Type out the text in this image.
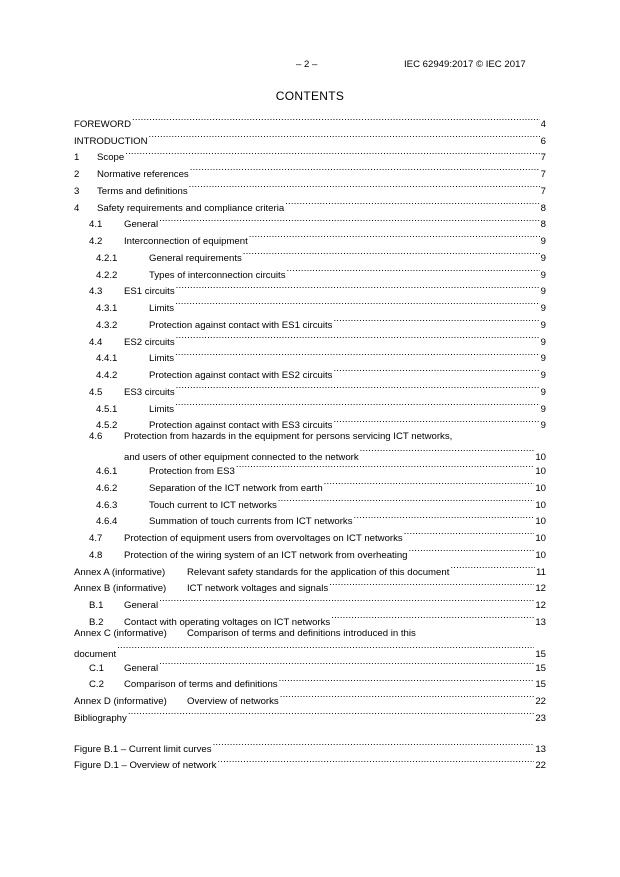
– 2 –	IEC 62949:2017 © IEC 2017
CONTENTS
FOREWORD .....	4
INTRODUCTION .....	6
1	Scope .....	7
2	Normative references .....	7
3	Terms and definitions .....	7
4	Safety requirements and compliance criteria .....	8
4.1	General .....	8
4.2	Interconnection of equipment .....	9
4.2.1	General requirements .....	9
4.2.2	Types of interconnection circuits .....	9
4.3	ES1 circuits .....	9
4.3.1	Limits .....	9
4.3.2	Protection against contact with ES1 circuits .....	9
4.4	ES2 circuits .....	9
4.4.1	Limits .....	9
4.4.2	Protection against contact with ES2 circuits .....	9
4.5	ES3 circuits .....	9
4.5.1	Limits .....	9
4.5.2	Protection against contact with ES3 circuits .....	9
4.6	Protection from hazards in the equipment for persons servicing ICT networks,
and users of other equipment connected to the network .....	10
4.6.1	Protection from ES3 .....	10
4.6.2	Separation of the ICT network from earth .....	10
4.6.3	Touch current to ICT networks .....	10
4.6.4	Summation of touch currents from ICT networks .....	10
4.7	Protection of equipment users from overvoltages on ICT networks .....	10
4.8	Protection of the wiring system of an ICT network from overheating .....	10
Annex A (informative)	Relevant safety standards for the application of this document .....	11
Annex B (informative)	ICT network voltages and signals .....	12
B.1	General .....	12
B.2	Contact with operating voltages on ICT networks .....	13
Annex C (informative)	Comparison of terms and definitions introduced in this
document .....	15
C.1	General .....	15
C.2	Comparison of terms and definitions .....	15
Annex D (informative)	Overview of networks .....	22
Bibliography .....	23
Figure B.1 – Current limit curves .....	13
Figure D.1 – Overview of network .....	22
